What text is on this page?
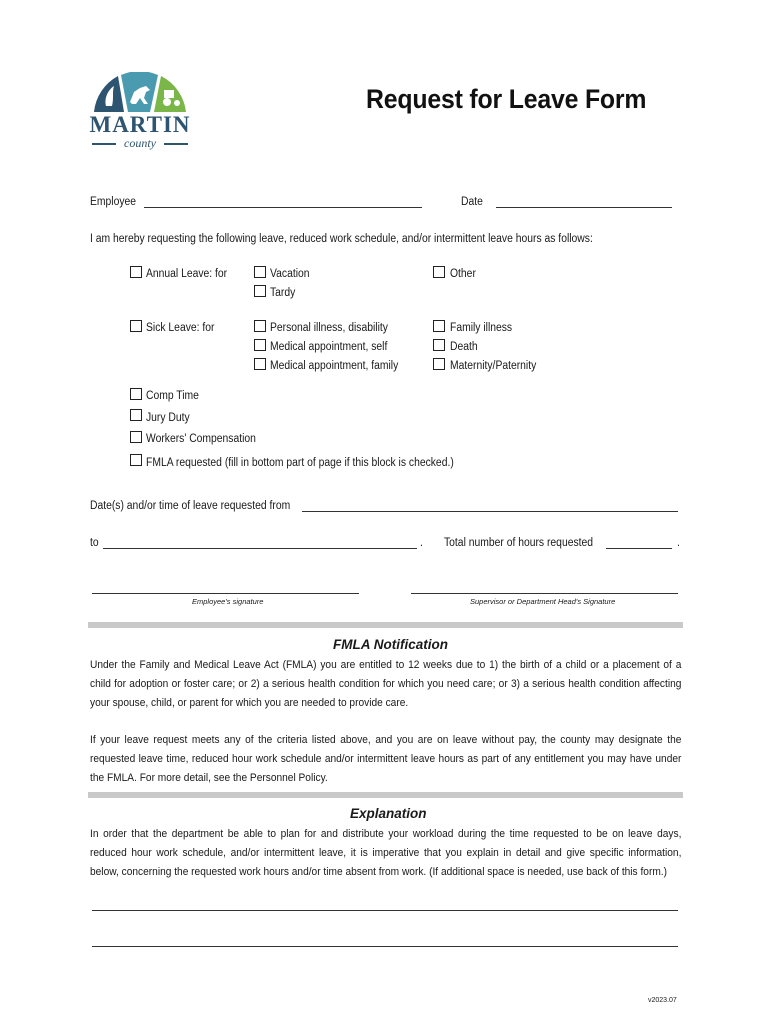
MARTIN
county
Request for Leave Form
Employee	Date
I am hereby requesting the following leave, reduced work schedule, and/or intermittent leave hours as follows:
Annual Leave: for	Vacation
Tardy
Other
Sick Leave: for	Personal illness, disability
Medical appointment, self
Medical appointment, family
Family illness
Death
Maternity/Paternity
Comp Time
Jury Duty
Workers' Compensation
FMLA requested (fill in bottom part of page if this block is checked.)
Date(s) and/or time of leave requested from
to	. Total number of hours requested	.
Employee's signature	Supervisor or Department Head's Signature
FMLA Notification
Under the Family and Medical Leave Act (FMLA) you are entitled to 12 weeks due to 1) the birth of a child or a placement of a
child for adoption or foster care; or 2) a serious health condition for which you need care; or 3) a serious health condition affecting
your spouse, child, or parent for which you are needed to provide care.
If your leave request meets any of the criteria listed above, and you are on leave without pay, the county may designate the
requested leave time, reduced hour work schedule and/or intermittent leave hours as part of any entitlement you may have under
the FMLA. For more detail, see the Personnel Policy.
Explanation
In order that the department be able to plan for and distribute your workload during the time requested to be on leave days,
reduced hour work schedule, and/or intermittent leave, it is imperative that you explain in detail and give specific information,
below, concerning the requested work hours and/or time absent from work. (If additional space is needed, use back of this form.)
v2023.07
